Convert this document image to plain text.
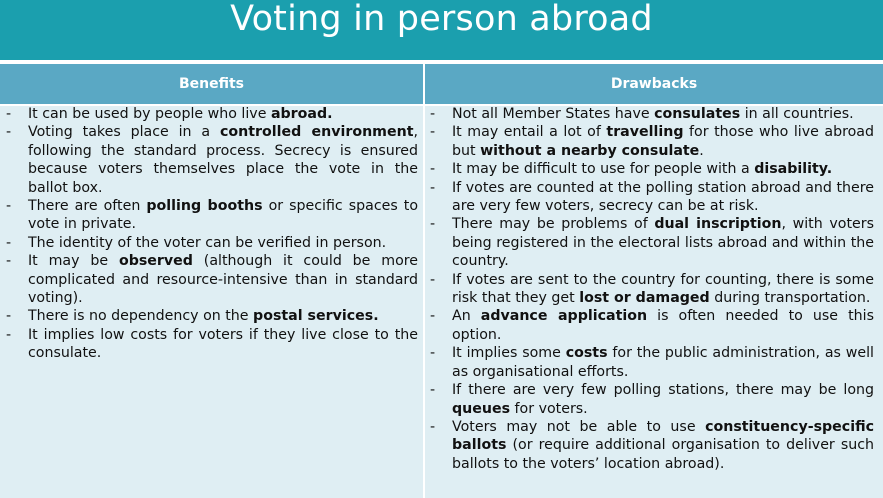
Voting in person abroad
Benefits	Drawbacks
- It can be used by people who live abroad.
- Voting takes place in a controlled environment, following the standard process. Secrecy is ensured because voters themselves place the vote in the ballot box.
- There are often polling booths or specific spaces to vote in private.
- The identity of the voter can be verified in person.
- It may be observed (although it could be more complicated and resource-intensive than in standard voting).
- There is no dependency on the postal services.
- It implies low costs for voters if they live close to the consulate.
- Not all Member States have consulates in all countries.
- It may entail a lot of travelling for those who live abroad but without a nearby consulate.
- It may be difficult to use for people with a disability.
- If votes are counted at the polling station abroad and there are very few voters, secrecy can be at risk.
- There may be problems of dual inscription, with voters being registered in the electoral lists abroad and within the country.
- If votes are sent to the country for counting, there is some risk that they get lost or damaged during transportation.
- An advance application is often needed to use this option.
- It implies some costs for the public administration, as well as organisational efforts.
- If there are very few polling stations, there may be long queues for voters.
- Voters may not be able to use constituency-specific ballots (or require additional organisation to deliver such ballots to the voters’ location abroad).
